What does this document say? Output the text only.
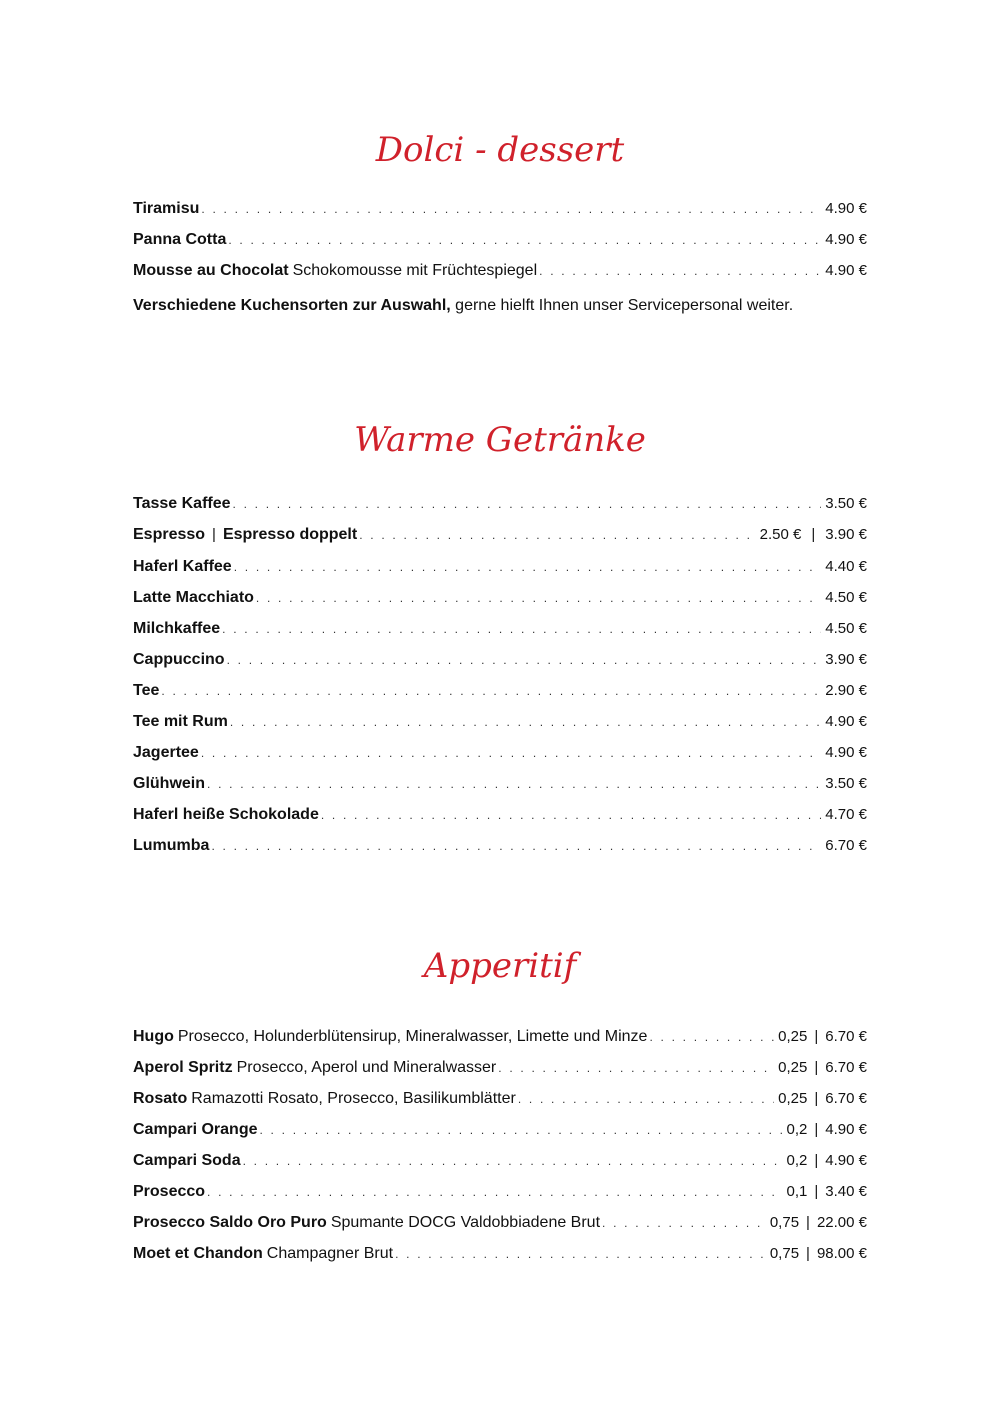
Dolci - dessert
Tiramisu . . .	4.90 €
Panna Cotta . . .	4.90 €
Mousse au Chocolat Schokomousse mit Früchtespiegel . . .	4.90 €
Verschiedene Kuchensorten zur Auswahl, gerne hielft Ihnen unser Servicepersonal weiter.
Warme Getränke
Tasse Kaffee . . .	3.50 €
Espresso | Espresso doppelt . . .	2.50 € | 3.90 €
Haferl Kaffee . . .	4.40 €
Latte Macchiato . . .	4.50 €
Milchkaffee . . .	4.50 €
Cappuccino . . .	3.90 €
Tee . . .	2.90 €
Tee mit Rum . . .	4.90 €
Jagertee . . .	4.90 €
Glühwein . . .	3.50 €
Haferl heiße Schokolade . . .	4.70 €
Lumumba . . .	6.70 €
Apperitif
Hugo Prosecco, Holunderblütensirup, Mineralwasser, Limette und Minze . . .	0,25 | 6.70 €
Aperol Spritz Prosecco, Aperol und Mineralwasser . . .	0,25 | 6.70 €
Rosato Ramazotti Rosato, Prosecco, Basilikumblätter . . .	0,25 | 6.70 €
Campari Orange . . .	0,2 | 4.90 €
Campari Soda . . .	0,2 | 4.90 €
Prosecco . . .	0,1 | 3.40 €
Prosecco Saldo Oro Puro Spumante DOCG Valdobbiadene Brut . . .	0,75 | 22.00 €
Moet et Chandon Champagner Brut . . .	0,75 | 98.00 €
